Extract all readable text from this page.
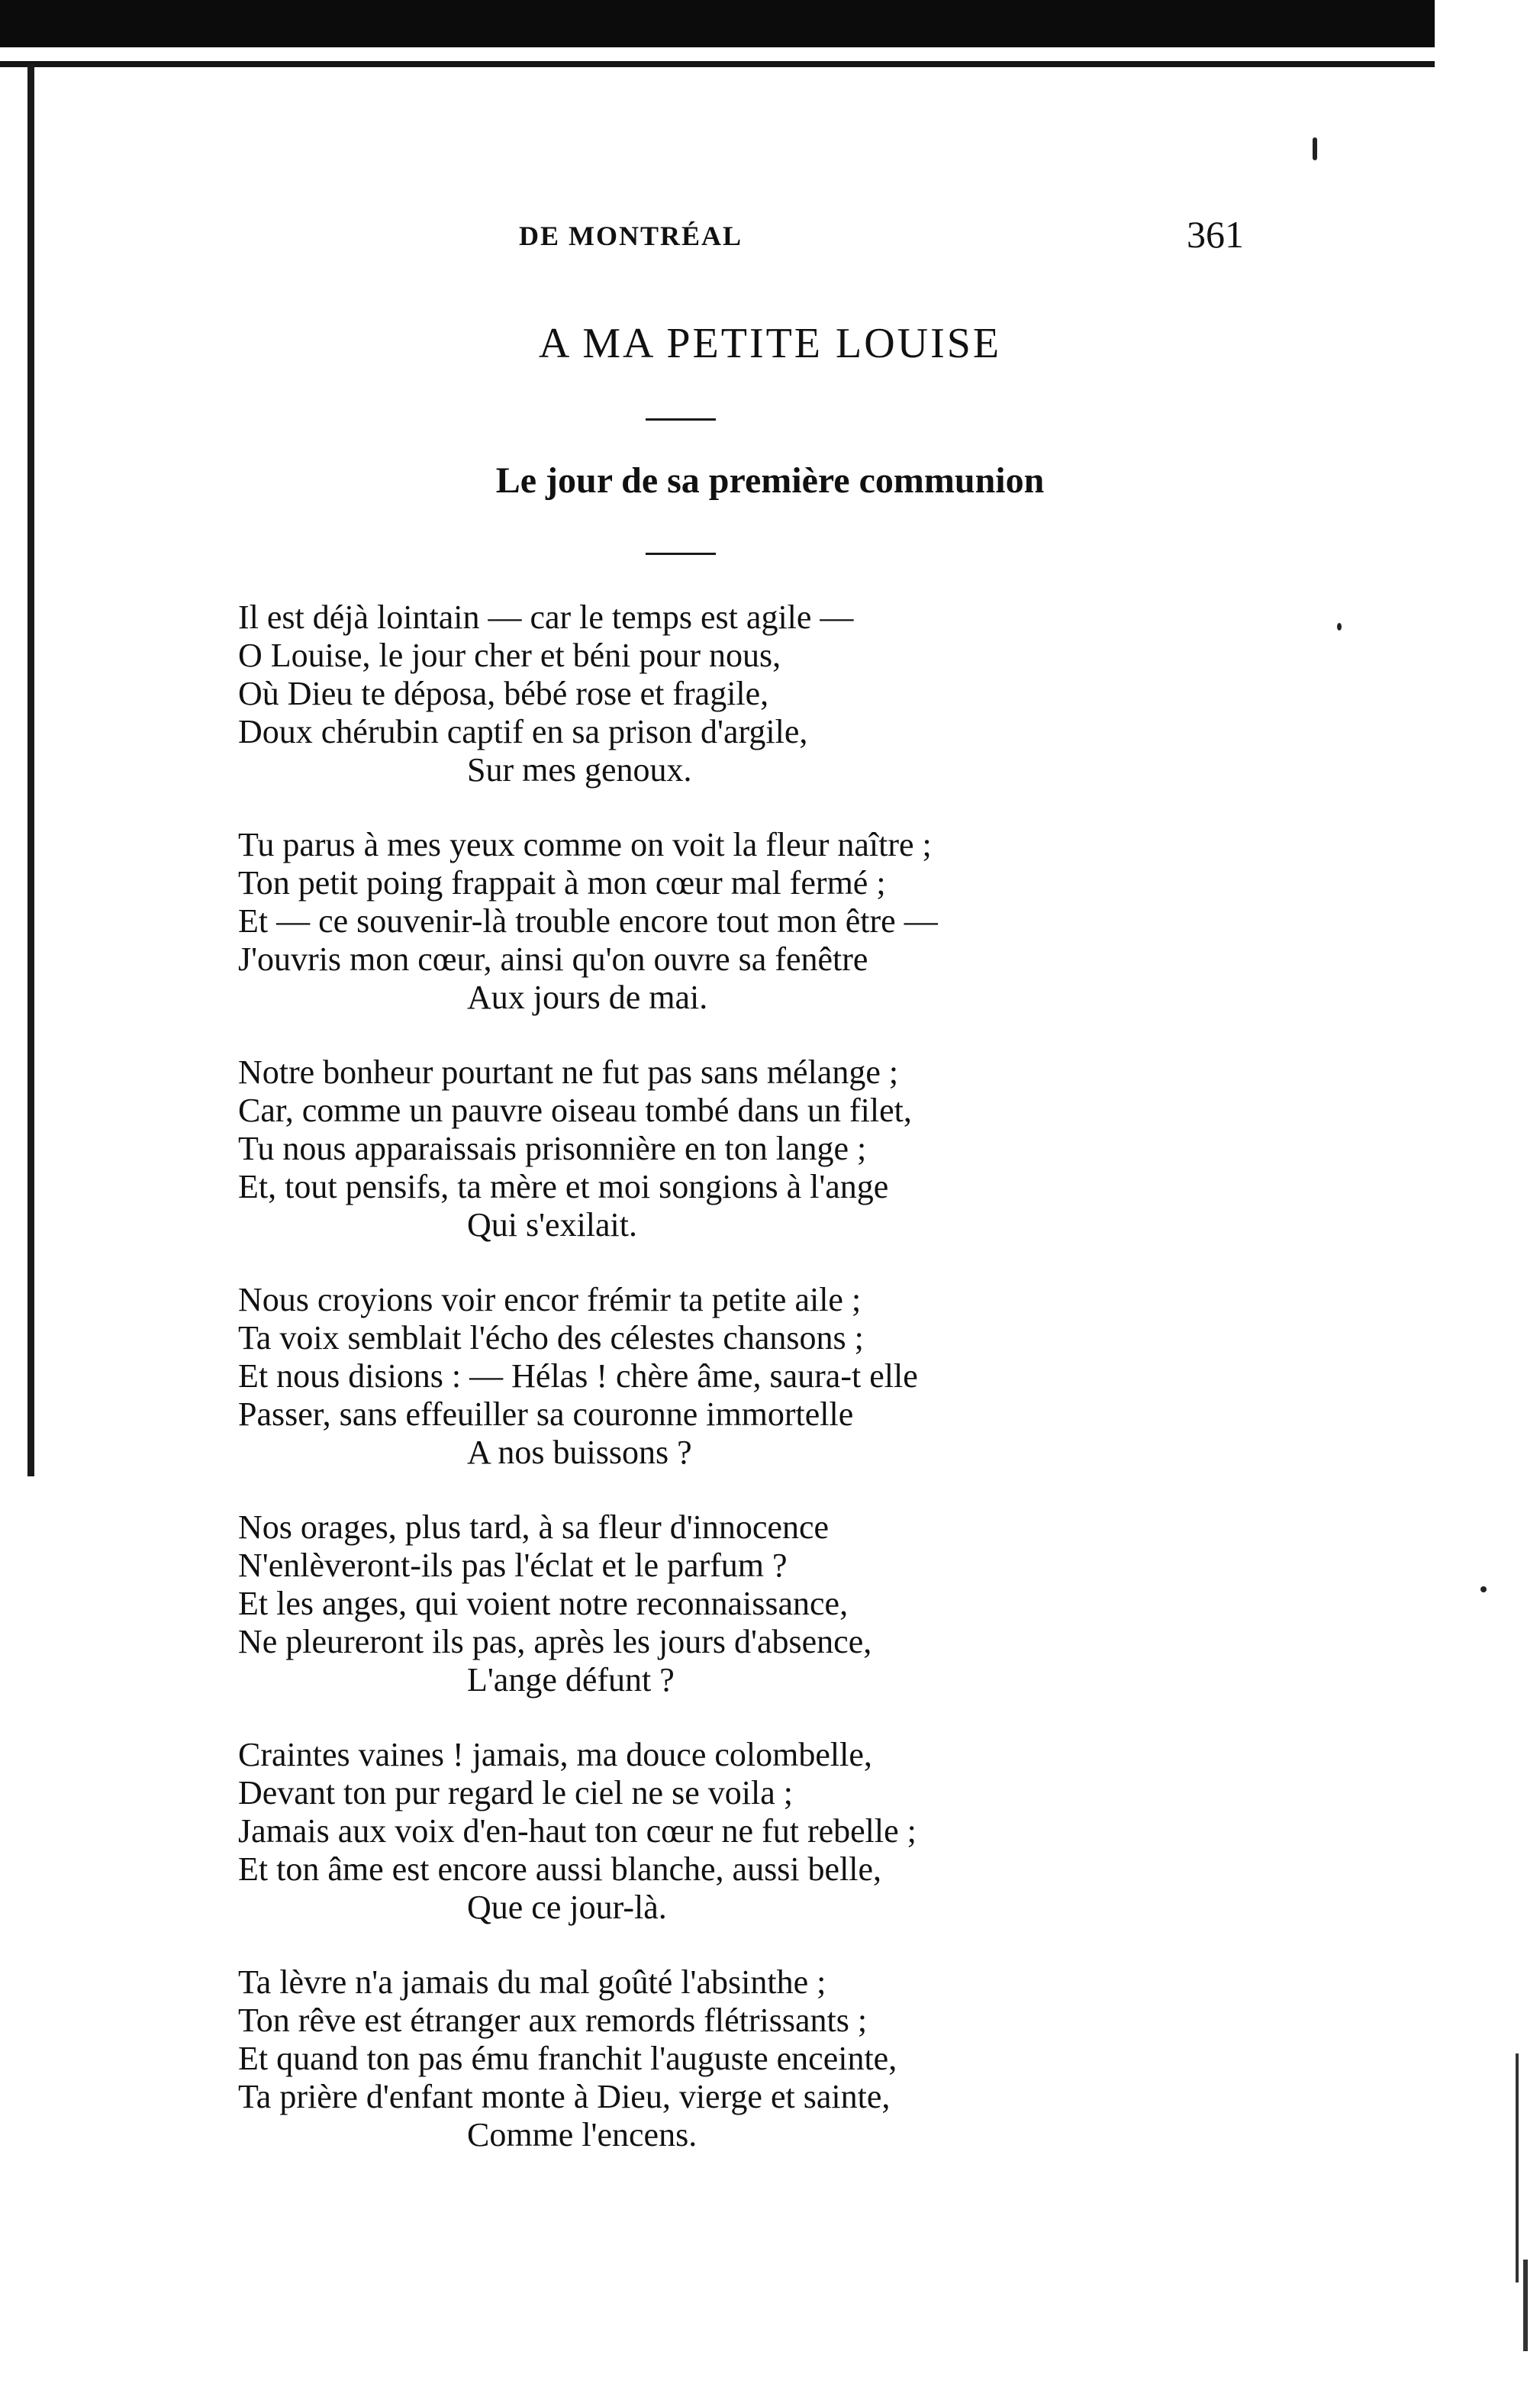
DE MONTRÉAL	361
A MA PETITE LOUISE
Le jour de sa première communion
Il est déjà lointain — car le temps est agile —
O Louise, le jour cher et béni pour nous,
Où Dieu te déposa, bébé rose et fragile,
Doux chérubin captif en sa prison d'argile,
Sur mes genoux.
Tu parus à mes yeux comme on voit la fleur naître ;
Ton petit poing frappait à mon cœur mal fermé ;
Et — ce souvenir-là trouble encore tout mon être —
J'ouvris mon cœur, ainsi qu'on ouvre sa fenêtre
Aux jours de mai.
Notre bonheur pourtant ne fut pas sans mélange ;
Car, comme un pauvre oiseau tombé dans un filet,
Tu nous apparaissais prisonnière en ton lange ;
Et, tout pensifs, ta mère et moi songions à l'ange
Qui s'exilait.
Nous croyions voir encor frémir ta petite aile ;
Ta voix semblait l'écho des célestes chansons ;
Et nous disions : — Hélas ! chère âme, saura-t elle
Passer, sans effeuiller sa couronne immortelle
A nos buissons ?
Nos orages, plus tard, à sa fleur d'innocence
N'enlèveront-ils pas l'éclat et le parfum ?
Et les anges, qui voient notre reconnaissance,
Ne pleureront ils pas, après les jours d'absence,
L'ange défunt ?
Craintes vaines ! jamais, ma douce colombelle,
Devant ton pur regard le ciel ne se voila ;
Jamais aux voix d'en-haut ton cœur ne fut rebelle ;
Et ton âme est encore aussi blanche, aussi belle,
Que ce jour-là.
Ta lèvre n'a jamais du mal goûté l'absinthe ;
Ton rêve est étranger aux remords flétrissants ;
Et quand ton pas ému franchit l'auguste enceinte,
Ta prière d'enfant monte à Dieu, vierge et sainte,
Comme l'encens.
